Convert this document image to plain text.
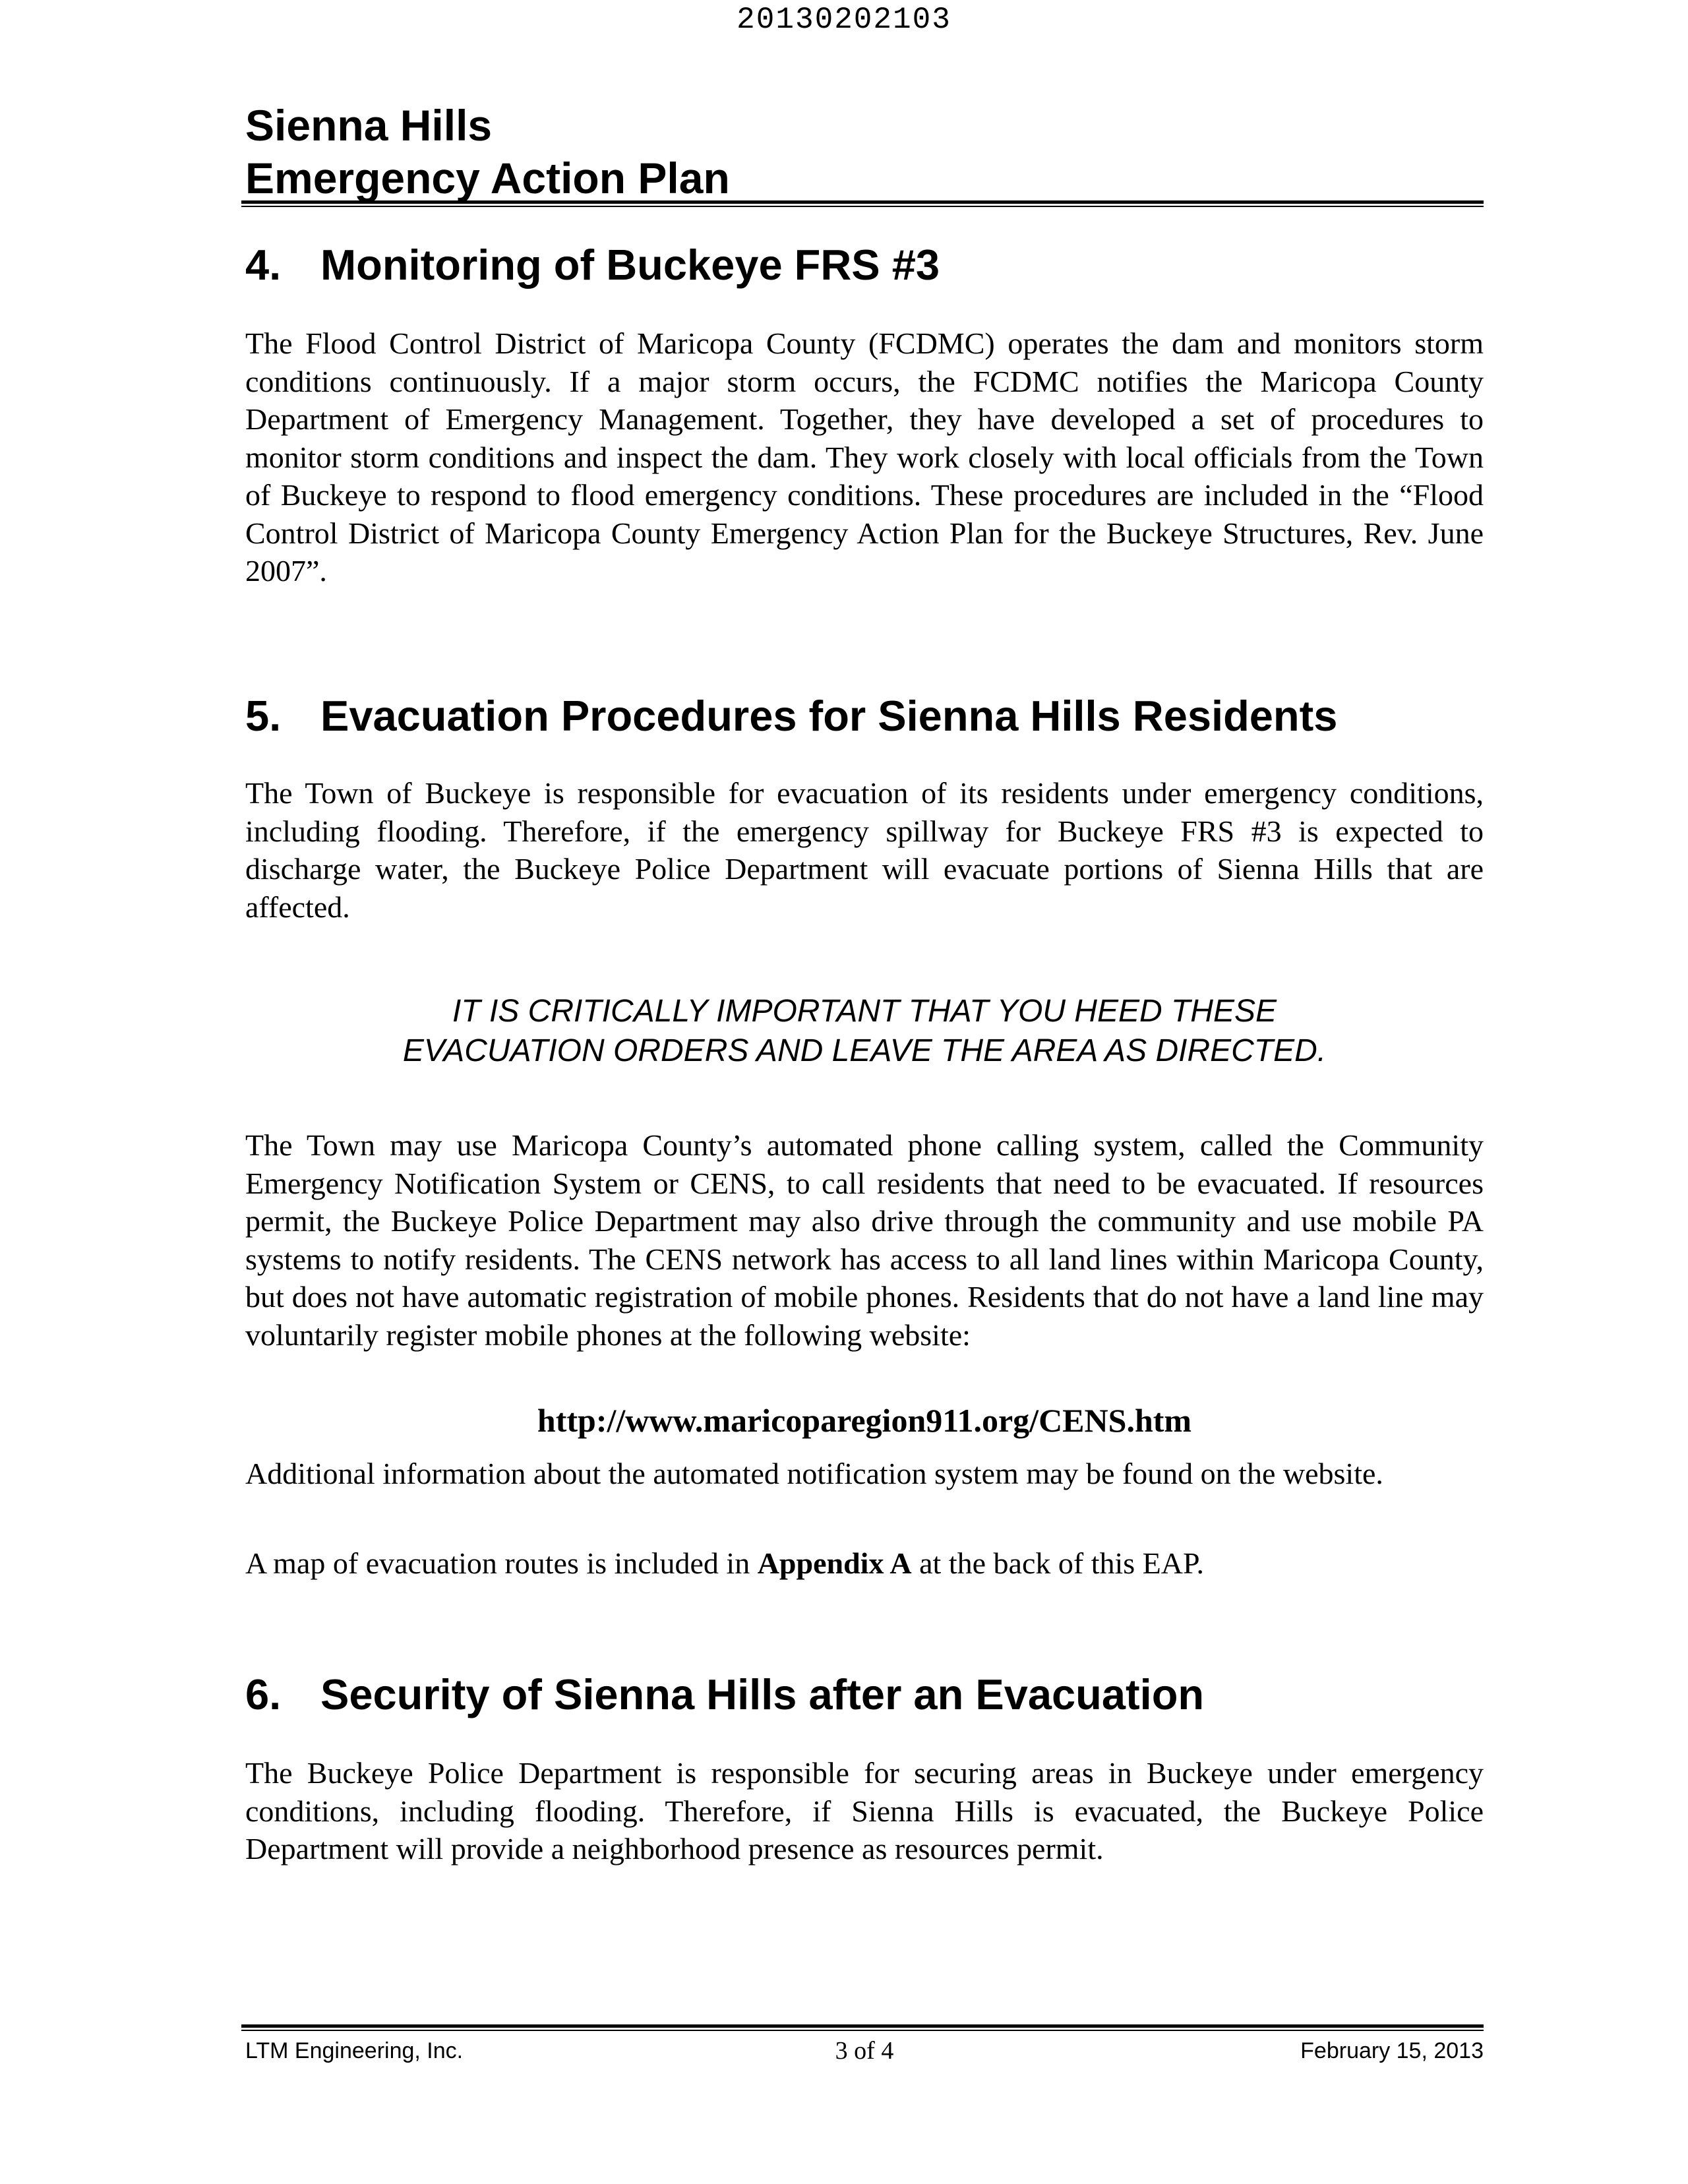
20130202103
Sienna Hills
Emergency Action Plan
4. Monitoring of Buckeye FRS #3
The Flood Control District of Maricopa County (FCDMC) operates the dam and monitors storm conditions continuously. If a major storm occurs, the FCDMC notifies the Maricopa County Department of Emergency Management. Together, they have developed a set of procedures to monitor storm conditions and inspect the dam. They work closely with local officials from the Town of Buckeye to respond to flood emergency conditions. These procedures are included in the “Flood Control District of Maricopa County Emergency Action Plan for the Buckeye Structures, Rev. June 2007”.
5. Evacuation Procedures for Sienna Hills Residents
The Town of Buckeye is responsible for evacuation of its residents under emergency conditions, including flooding. Therefore, if the emergency spillway for Buckeye FRS #3 is expected to discharge water, the Buckeye Police Department will evacuate portions of Sienna Hills that are affected.
IT IS CRITICALLY IMPORTANT THAT YOU HEED THESE
EVACUATION ORDERS AND LEAVE THE AREA AS DIRECTED.
The Town may use Maricopa County’s automated phone calling system, called the Community Emergency Notification System or CENS, to call residents that need to be evacuated. If resources permit, the Buckeye Police Department may also drive through the community and use mobile PA systems to notify residents. The CENS network has access to all land lines within Maricopa County, but does not have automatic registration of mobile phones. Residents that do not have a land line may voluntarily register mobile phones at the following website:
http://www.maricoparegion911.org/CENS.htm
Additional information about the automated notification system may be found on the website.
A map of evacuation routes is included in Appendix A at the back of this EAP.
6. Security of Sienna Hills after an Evacuation
The Buckeye Police Department is responsible for securing areas in Buckeye under emergency conditions, including flooding. Therefore, if Sienna Hills is evacuated, the Buckeye Police Department will provide a neighborhood presence as resources permit.
LTM Engineering, Inc.	3 of 4	February 15, 2013
